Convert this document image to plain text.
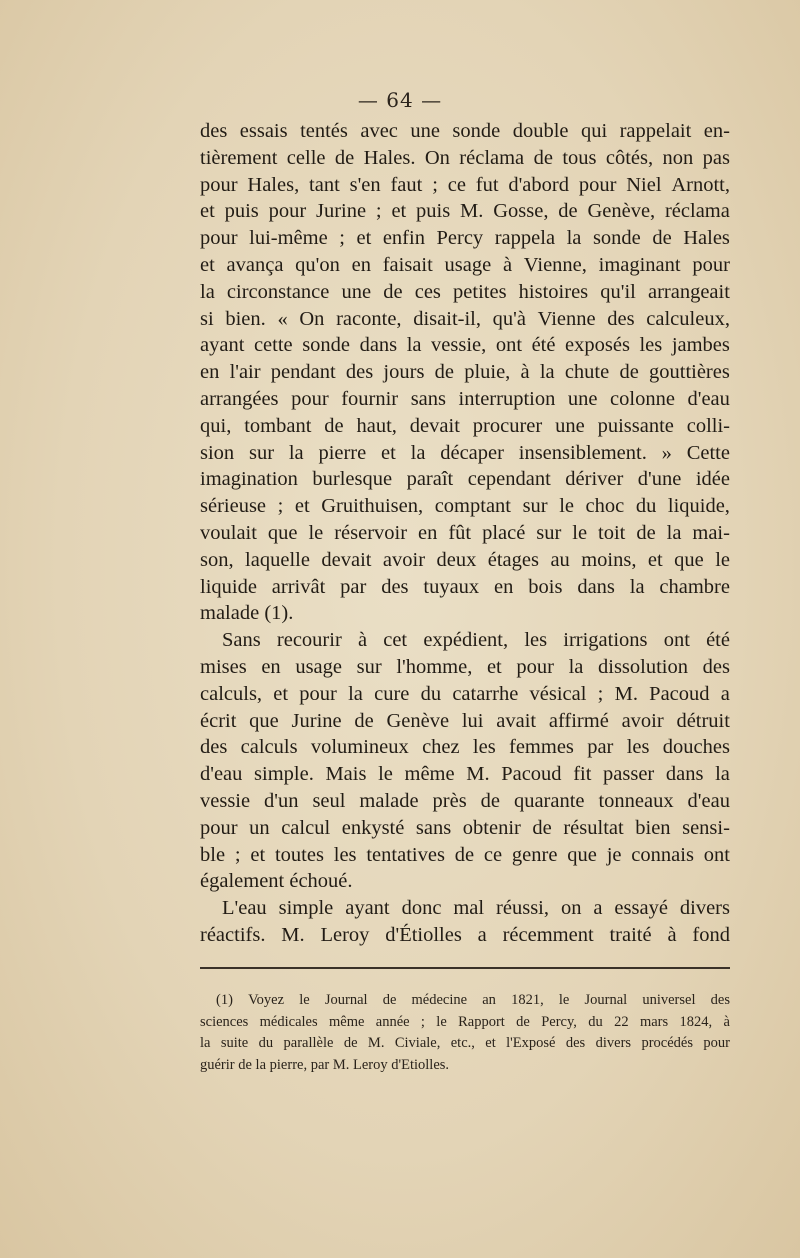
— 64 —
des essais tentés avec une sonde double qui rappelait en-
tièrement celle de Hales. On réclama de tous côtés, non pas
pour Hales, tant s'en faut ; ce fut d'abord pour Niel Arnott,
et puis pour Jurine ; et puis M. Gosse, de Genève, réclama
pour lui-même ; et enfin Percy rappela la sonde de Hales
et avança qu'on en faisait usage à Vienne, imaginant pour
la circonstance une de ces petites histoires qu'il arrangeait
si bien. « On raconte, disait-il, qu'à Vienne des calculeux,
ayant cette sonde dans la vessie, ont été exposés les jambes
en l'air pendant des jours de pluie, à la chute de gouttières
arrangées pour fournir sans interruption une colonne d'eau
qui, tombant de haut, devait procurer une puissante colli-
sion sur la pierre et la décaper insensiblement. » Cette
imagination burlesque paraît cependant dériver d'une idée
sérieuse ; et Gruithuisen, comptant sur le choc du liquide,
voulait que le réservoir en fût placé sur le toit de la mai-
son, laquelle devait avoir deux étages au moins, et que le
liquide arrivât par des tuyaux en bois dans la chambre
malade (1).
Sans recourir à cet expédient, les irrigations ont été
mises en usage sur l'homme, et pour la dissolution des
calculs, et pour la cure du catarrhe vésical ; M. Pacoud a
écrit que Jurine de Genève lui avait affirmé avoir détruit
des calculs volumineux chez les femmes par les douches
d'eau simple. Mais le même M. Pacoud fit passer dans la
vessie d'un seul malade près de quarante tonneaux d'eau
pour un calcul enkysté sans obtenir de résultat bien sensi-
ble ; et toutes les tentatives de ce genre que je connais ont
également échoué.
L'eau simple ayant donc mal réussi, on a essayé divers
réactifs. M. Leroy d'Étiolles a récemment traité à fond
(1) Voyez le Journal de médecine an 1821, le Journal universel des
sciences médicales même année ; le Rapport de Percy, du 22 mars 1824, à
la suite du parallèle de M. Civiale, etc., et l'Exposé des divers procédés pour
guérir de la pierre, par M. Leroy d'Etiolles.
